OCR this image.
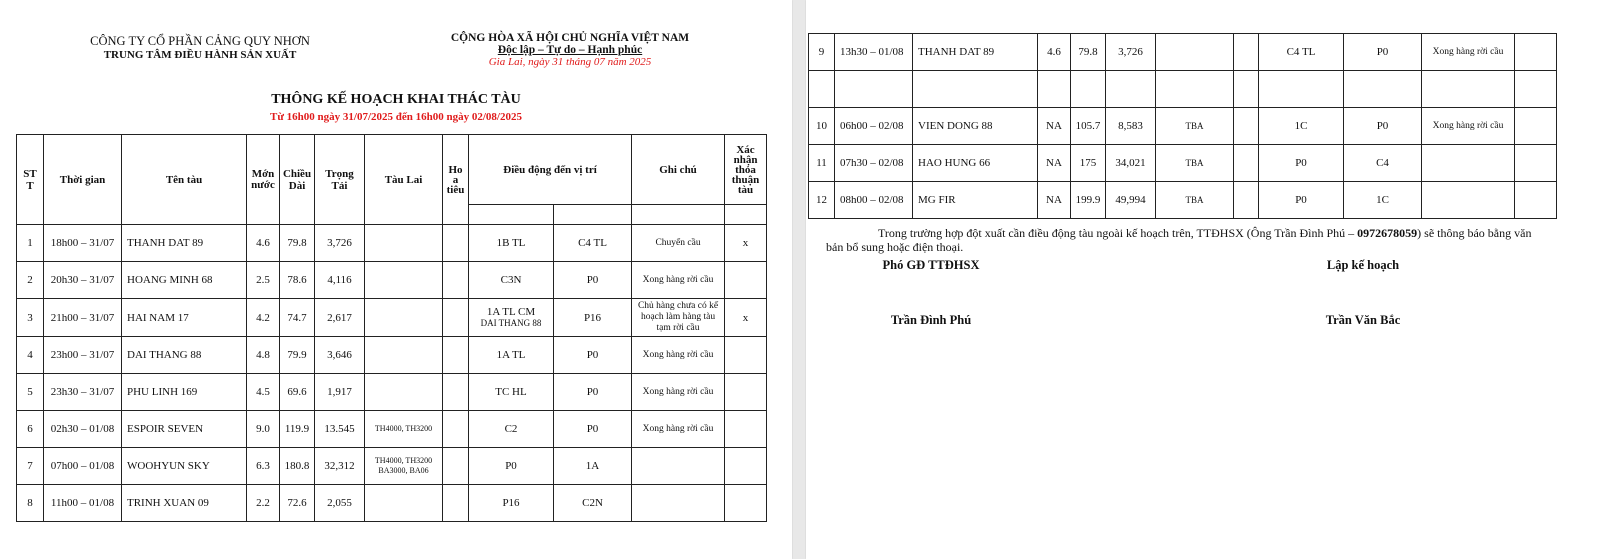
CÔNG TY CỔ PHẦN CẢNG QUY NHƠN
TRUNG TÂM ĐIỀU HÀNH SẢN XUẤT
CỘNG HÒA XÃ HỘI CHỦ NGHĨA VIỆT NAM
Độc lập – Tự do – Hạnh phúc
Gia Lai, ngày 31 tháng 07 năm 2025
THÔNG KẾ HOẠCH KHAI THÁC TÀU
Từ 16h00 ngày 31/07/2025 đến 16h00 ngày 02/08/2025
ST T	Thời gian	Tên tàu	Mớn nước	Chiều Dài	Trọng Tải	Tàu Lai	Ho a tiêu	Điều động đến vị trí		Ghi chú	Xác nhận thỏa thuận tàu

1	18h00 – 31/07	THANH DAT 89	4.6	79.8	3,726			1B TL	C4 TL	Chuyển cầu	x
2	20h30 – 31/07	HOANG MINH 68	2.5	78.6	4,116			C3N	P0	Xong hàng rời cầu	
3	21h00 – 31/07	HAI NAM 17	4.2	74.7	2,617			1A TL CM
DAI THANG 88	P16	Chủ hàng chưa có kế hoạch làm hàng tàu tạm rời cầu	x
4	23h00 – 31/07	DAI THANG 88	4.8	79.9	3,646			1A TL	P0	Xong hàng rời cầu	
5	23h30 – 31/07	PHU LINH 169	4.5	69.6	1,917			TC HL	P0	Xong hàng rời cầu	
6	02h30 – 01/08	ESPOIR SEVEN	9.0	119.9	13.545	TH4000, TH3200		C2	P0	Xong hàng rời cầu	
7	07h00 – 01/08	WOOHYUN SKY	6.3	180.8	32,312	TH4000, TH3200 BA3000, BA06		P0	1A		
8	11h00 – 01/08	TRINH XUAN 09	2.2	72.6	2,055			P16	C2N		
9	13h30 – 01/08	THANH DAT 89	4.6	79.8	3,726			C4 TL	P0	Xong hàng rời cầu	

10	06h00 – 02/08	VIEN DONG 88	NA	105.7	8,583	TBA		1C	P0	Xong hàng rời cầu	
11	07h30 – 02/08	HAO HUNG 66	NA	175	34,021	TBA		P0	C4		
12	08h00 – 02/08	MG FIR	NA	199.9	49,994	TBA		P0	1C		
Trong trường hợp đột xuất cần điều động tàu ngoài kế hoạch trên, TTĐHSX (Ông Trần Đình Phú – 0972678059) sẽ thông báo bằng văn bản bổ sung hoặc điện thoại.
Phó GĐ TTĐHSX
Trần Đình Phú
Lập kế hoạch
Trần Văn Bắc
